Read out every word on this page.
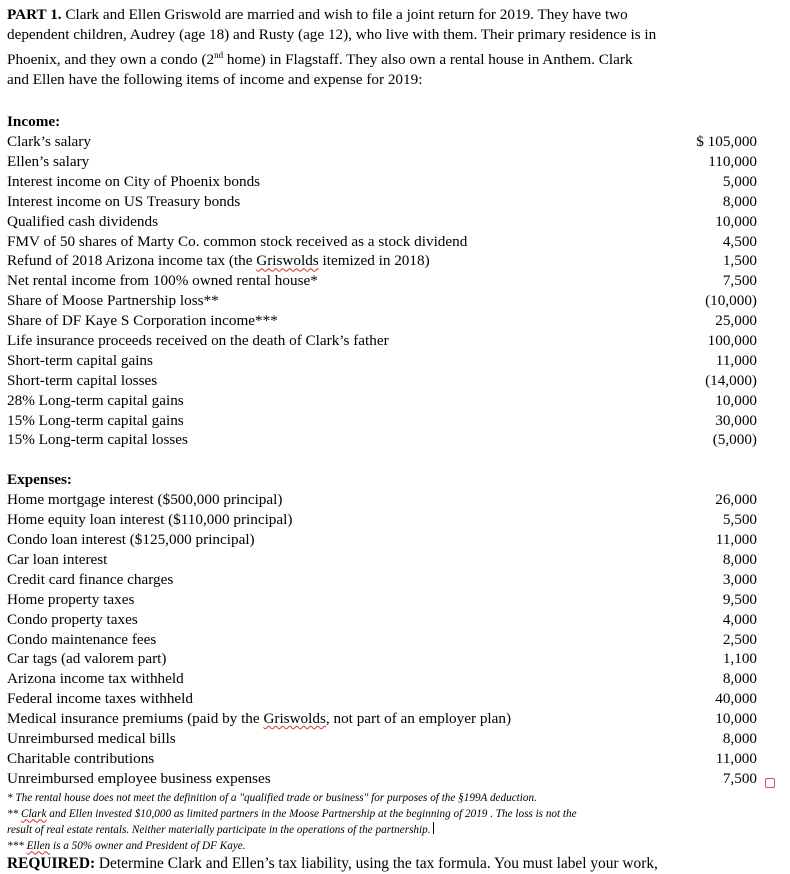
PART 1. Clark and Ellen Griswold are married and wish to file a joint return for 2019. They have two
dependent children, Audrey (age 18) and Rusty (age 12), who live with them. Their primary residence is in
Phoenix, and they own a condo (2nd home) in Flagstaff. They also own a rental house in Anthem. Clark
and Ellen have the following items of income and expense for 2019:

Income:
Clark’s salary	$ 105,000
Ellen’s salary	110,000
Interest income on City of Phoenix bonds	5,000
Interest income on US Treasury bonds	8,000
Qualified cash dividends	10,000
FMV of 50 shares of Marty Co. common stock received as a stock dividend	4,500
Refund of 2018 Arizona income tax (the Griswolds itemized in 2018)	1,500
Net rental income from 100% owned rental house*	7,500
Share of Moose Partnership loss**	(10,000)
Share of DF Kaye S Corporation income***	25,000
Life insurance proceeds received on the death of Clark’s father	100,000
Short-term capital gains	11,000
Short-term capital losses	(14,000)
28% Long-term capital gains	10,000
15% Long-term capital gains	30,000
15% Long-term capital losses	(5,000)
Expenses:
Home mortgage interest ($500,000 principal)	26,000
Home equity loan interest ($110,000 principal)	5,500
Condo loan interest ($125,000 principal)	11,000
Car loan interest	8,000
Credit card finance charges	3,000
Home property taxes	9,500
Condo property taxes	4,000
Condo maintenance fees	2,500
Car tags (ad valorem part)	1,100
Arizona income tax withheld	8,000
Federal income taxes withheld	40,000
Medical insurance premiums (paid by the Griswolds, not part of an employer plan)	10,000
Unreimbursed medical bills	8,000
Charitable contributions	11,000
Unreimbursed employee business expenses	7,500
* The rental house does not meet the definition of a "qualified trade or business" for purposes of the §199A deduction.
** Clark and Ellen invested $10,000 as limited partners in the Moose Partnership at the beginning of 2019 . The loss is not the
result of real estate rentals. Neither materially participate in the operations of the partnership.
*** Ellen is a 50% owner and President of DF Kaye.
REQUIRED: Determine Clark and Ellen’s tax liability, using the tax formula. You must label your work,
